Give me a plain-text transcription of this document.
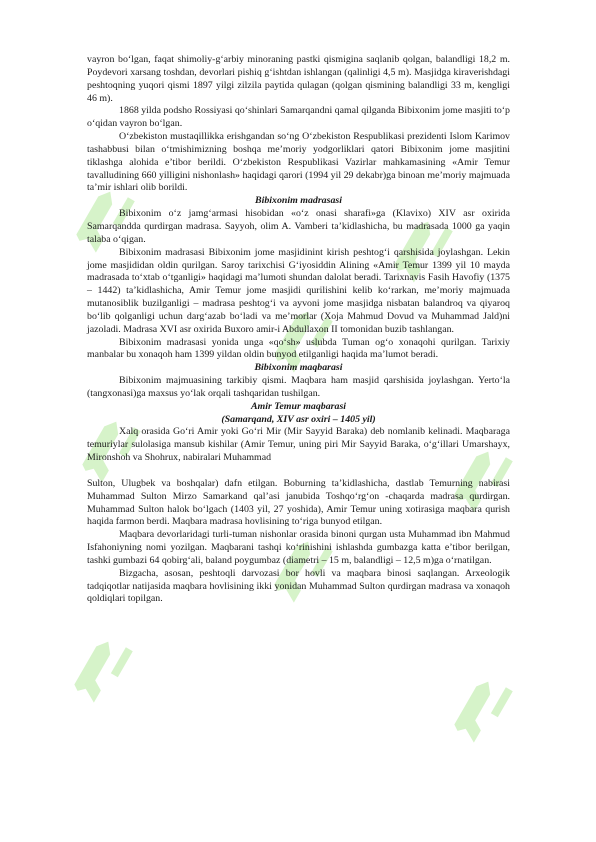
vayron bo‘lgan, faqat shimoliy-g‘arbiy minoraning pastki qismigina saqlanib qolgan, balandligi 18,2 m. Poydevori xarsang toshdan, devorlari pishiq g‘ishtdan ishlangan (qalinligi 4,5 m). Masjidga kiraverishdagi peshtoqning yuqori qismi 1897 yilgi zilzila paytida qulagan (qolgan qismining balandligi 33 m, kengligi 46 m).

1868 yilda podsho Rossiyasi qo‘shinlari Samarqandni qamal qilganda Bibixonim jome masjiti to‘p o‘qidan vayron bo‘lgan.

O‘zbekiston mustaqillikka erishgandan so‘ng O‘zbekiston Respublikasi prezidenti Islom Karimov tashabbusi bilan o‘tmishimizning boshqa me’moriy yodgorliklari qatori Bibixonim jome masjitini tiklashga alohida e’tibor berildi. O‘zbekiston Respublikasi Vazirlar mahkamasining «Amir Temur tavalludining 660 yilligini nishonlash» haqidagi qarori (1994 yil 29 dekabr)ga binoan me’moriy majmuada ta’mir ishlari olib borildi.

Bibixonim madrasasi

Bibixonim o‘z jamg‘armasi hisobidan «o‘z onasi sharafi»ga (Klavixo) XIV asr oxirida Samarqandda qurdirgan madrasa. Sayyoh, olim A. Vamberi ta’kidlashicha, bu madrasada 1000 ga yaqin talaba o‘qigan.

Bibixonim madrasasi Bibixonim jome masjidinint kirish peshtog‘i qarshisida joylashgan. Lekin jome masjididan oldin qurilgan. Saroy tarixchisi G‘iyosiddin Alining «Amir Temur 1399 yil 10 mayda madrasada to‘xtab o‘tganligi» haqidagi ma’lumoti shundan dalolat beradi. Tarixnavis Fasih Havofiy (1375 – 1442) ta’kidlashicha, Amir Temur jome masjidi qurilishini kelib ko‘rarkan, me’moriy majmuada mutanosiblik buzilganligi – madrasa peshtog‘i va ayvoni jome masjidga nisbatan balandroq va qiyaroq bo‘lib qolganligi uchun darg‘azab bo‘ladi va me’morlar (Xoja Mahmud Dovud va Muhammad Jald)ni jazoladi. Madrasa XVI asr oxirida Buxoro amir-i Abdullaxon II tomonidan buzib tashlangan.

Bibixonim madrasasi yonida unga «qo‘sh» uslubda Tuman og‘o xonaqohi qurilgan. Tarixiy manbalar bu xonaqoh ham 1399 yildan oldin bunyod etilganligi haqida ma’lumot beradi.

Bibixonim maqbarasi

Bibixonim majmuasining tarkibiy qismi. Maqbara ham masjid qarshisida joylashgan. Yerto‘la (tangxonasi)ga maxsus yo‘lak orqali tashqaridan tushilgan.

Amir Temur maqbarasi

(Samarqand, XIV asr oxiri – 1405 yil)

Xalq orasida Go‘ri Amir yoki Go‘ri Mir (Mir Sayyid Baraka) deb nomlanib kelinadi. Maqbaraga temuriylar sulolasiga mansub kishilar (Amir Temur, uning piri Mir Sayyid Baraka, o‘g‘illari Umarshayx, Mironshoh va Shohrux, nabiralari Muhammad

Sulton, Ulugbek va boshqalar) dafn etilgan. Boburning ta’kidlashicha, dastlab Temurning nabirasi Muhammad Sulton Mirzo Samarkand qal’asi janubida Toshqo‘rg‘on -chaqarda madrasa qurdirgan. Muhammad Sulton halok bo‘lgach (1403 yil, 27 yoshida), Amir Temur uning xotirasiga maqbara qurish haqida farmon berdi. Maqbara madrasa hovlisining to‘riga bunyod etilgan.

Maqbara devorlaridagi turli-tuman nishonlar orasida binoni qurgan usta Muhammad ibn Mahmud Isfahoniyning nomi yozilgan. Maqbarani tashqi ko‘rinishini ishlashda gumbazga katta e’tibor berilgan, tashki gumbazi 64 qobirg‘ali, baland poygumbaz (diametri – 15 m, balandligi – 12,5 m)ga o‘rnatilgan.

Bizgacha, asosan, peshtoqli darvozasi bor hovli va maqbara binosi saqlangan. Arxeologik tadqiqotlar natijasida maqbara hovlisining ikki yonidan Muhammad Sulton qurdirgan madrasa va xonaqoh qoldiqlari topilgan.
